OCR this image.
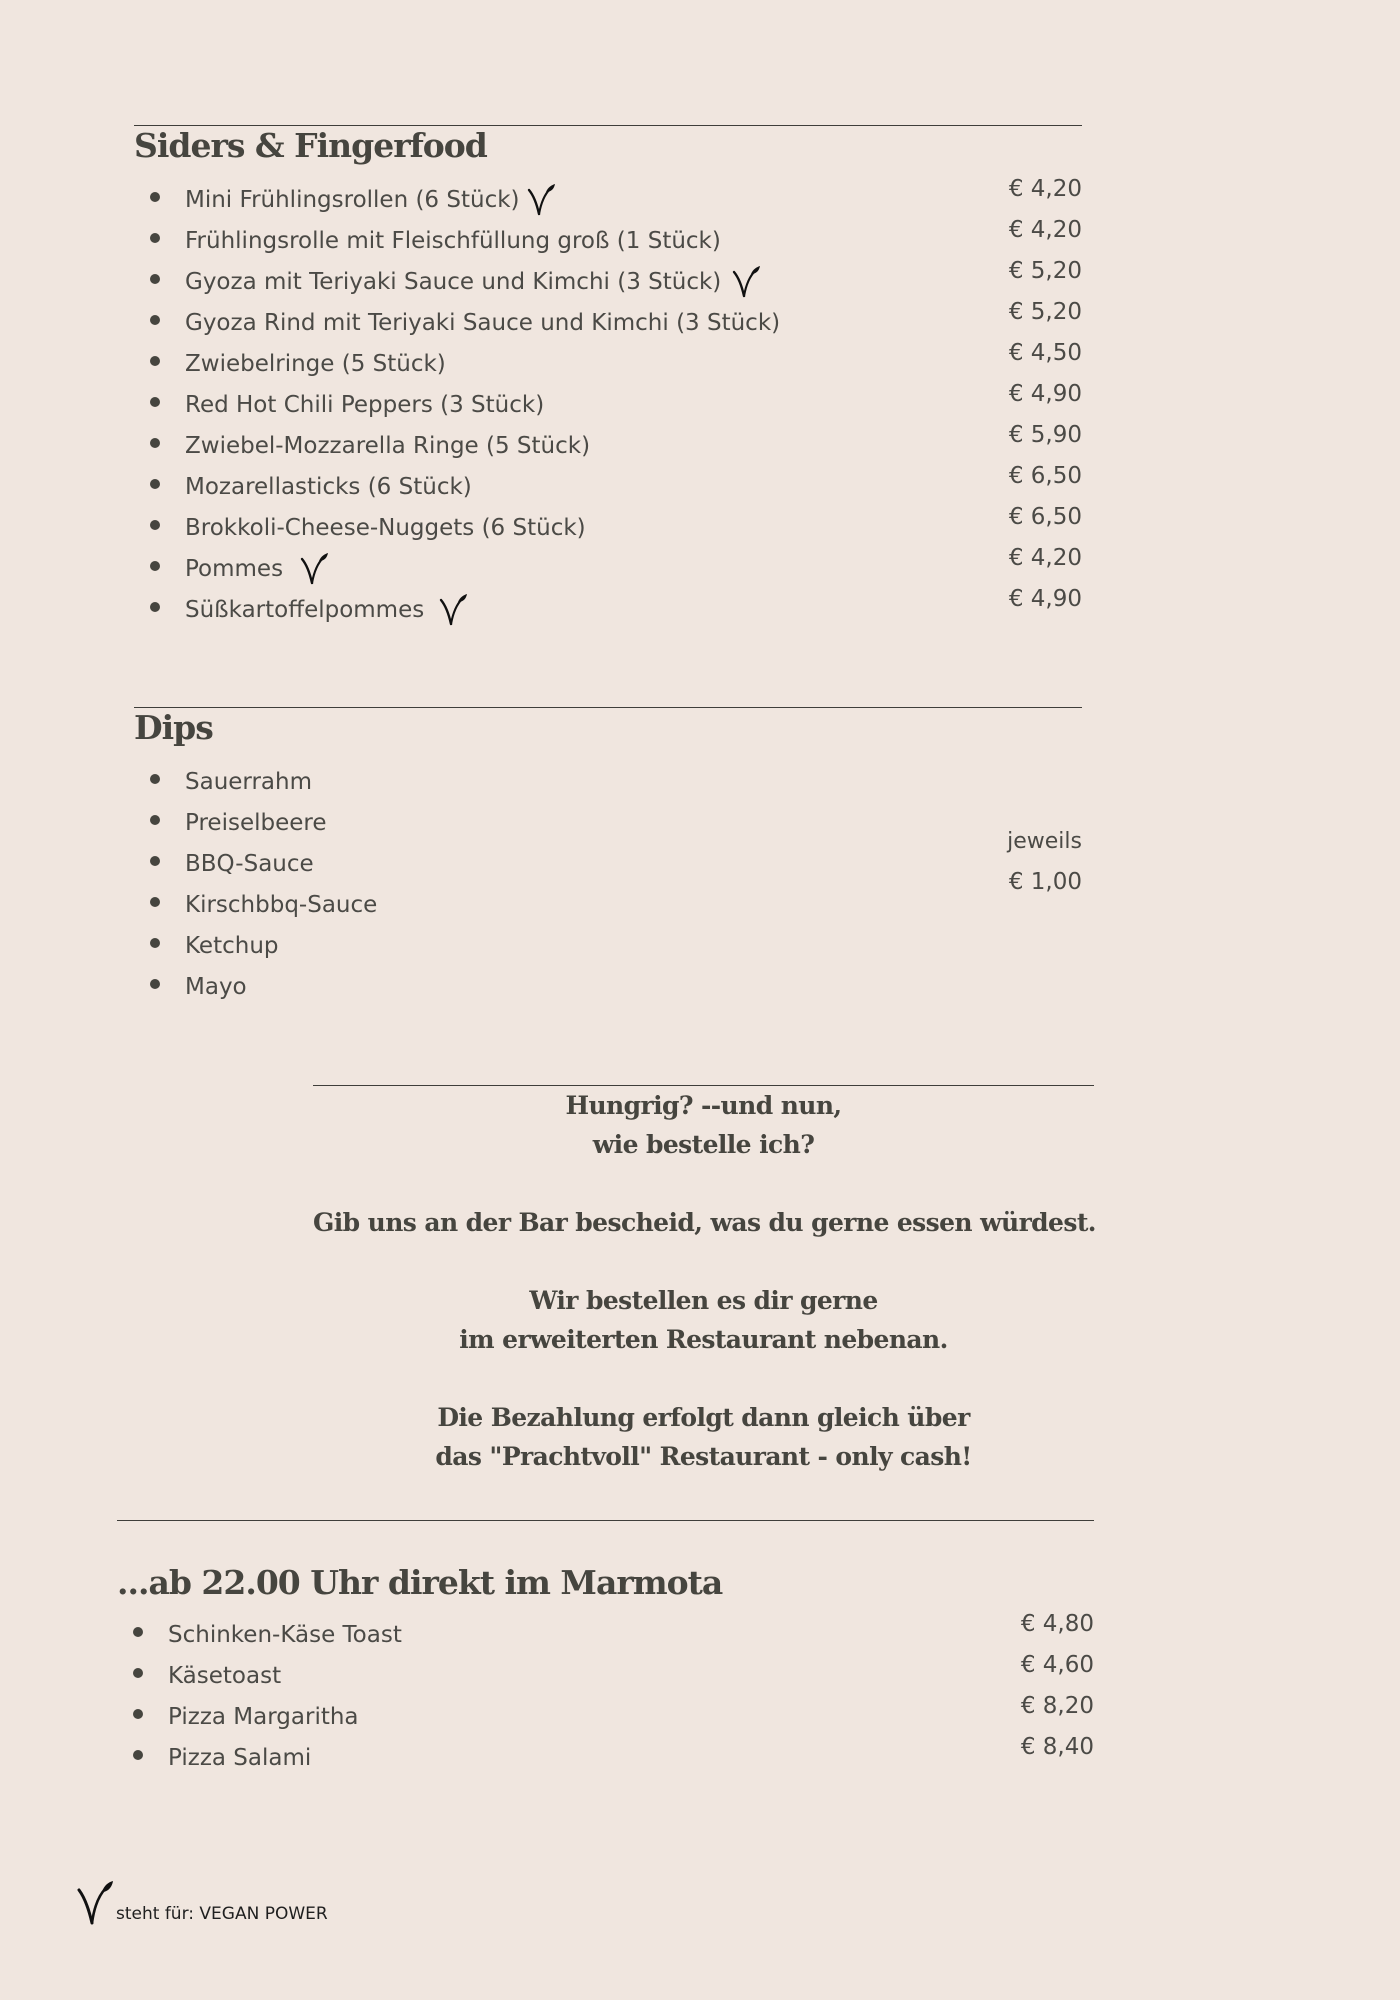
Siders & Fingerfood
Mini Frühlingsrollen (6 Stück)
Frühlingsrolle mit Fleischfüllung groß (1 Stück)
Gyoza mit Teriyaki Sauce und Kimchi (3 Stück)
Gyoza Rind mit Teriyaki Sauce und Kimchi (3 Stück)
Zwiebelringe (5 Stück)
Red Hot Chili Peppers (3 Stück)
Zwiebel-Mozzarella Ringe (5 Stück)
Mozarellasticks (6 Stück)
Brokkoli-Cheese-Nuggets (6 Stück)
Pommes
Süßkartoffelpommes
€ 4,20
€ 4,20
€ 5,20
€ 5,20
€ 4,50
€ 4,90
€ 5,90
€ 6,50
€ 6,50
€ 4,20
€ 4,90
Dips
Sauerrahm
Preiselbeere
BBQ-Sauce
Kirschbbq-Sauce
Ketchup
Mayo
jeweils
€ 1,00
Hungrig? --und nun,
wie bestelle ich?
Gib uns an der Bar bescheid, was du gerne essen würdest.
Wir bestellen es dir gerne
im erweiterten Restaurant nebenan.
Die Bezahlung erfolgt dann gleich über
das "Prachtvoll" Restaurant - only cash!
...ab 22.00 Uhr direkt im Marmota
Schinken-Käse Toast
Käsetoast
Pizza Margaritha
Pizza Salami
€ 4,80
€ 4,60
€ 8,20
€ 8,40
steht für: VEGAN POWER
